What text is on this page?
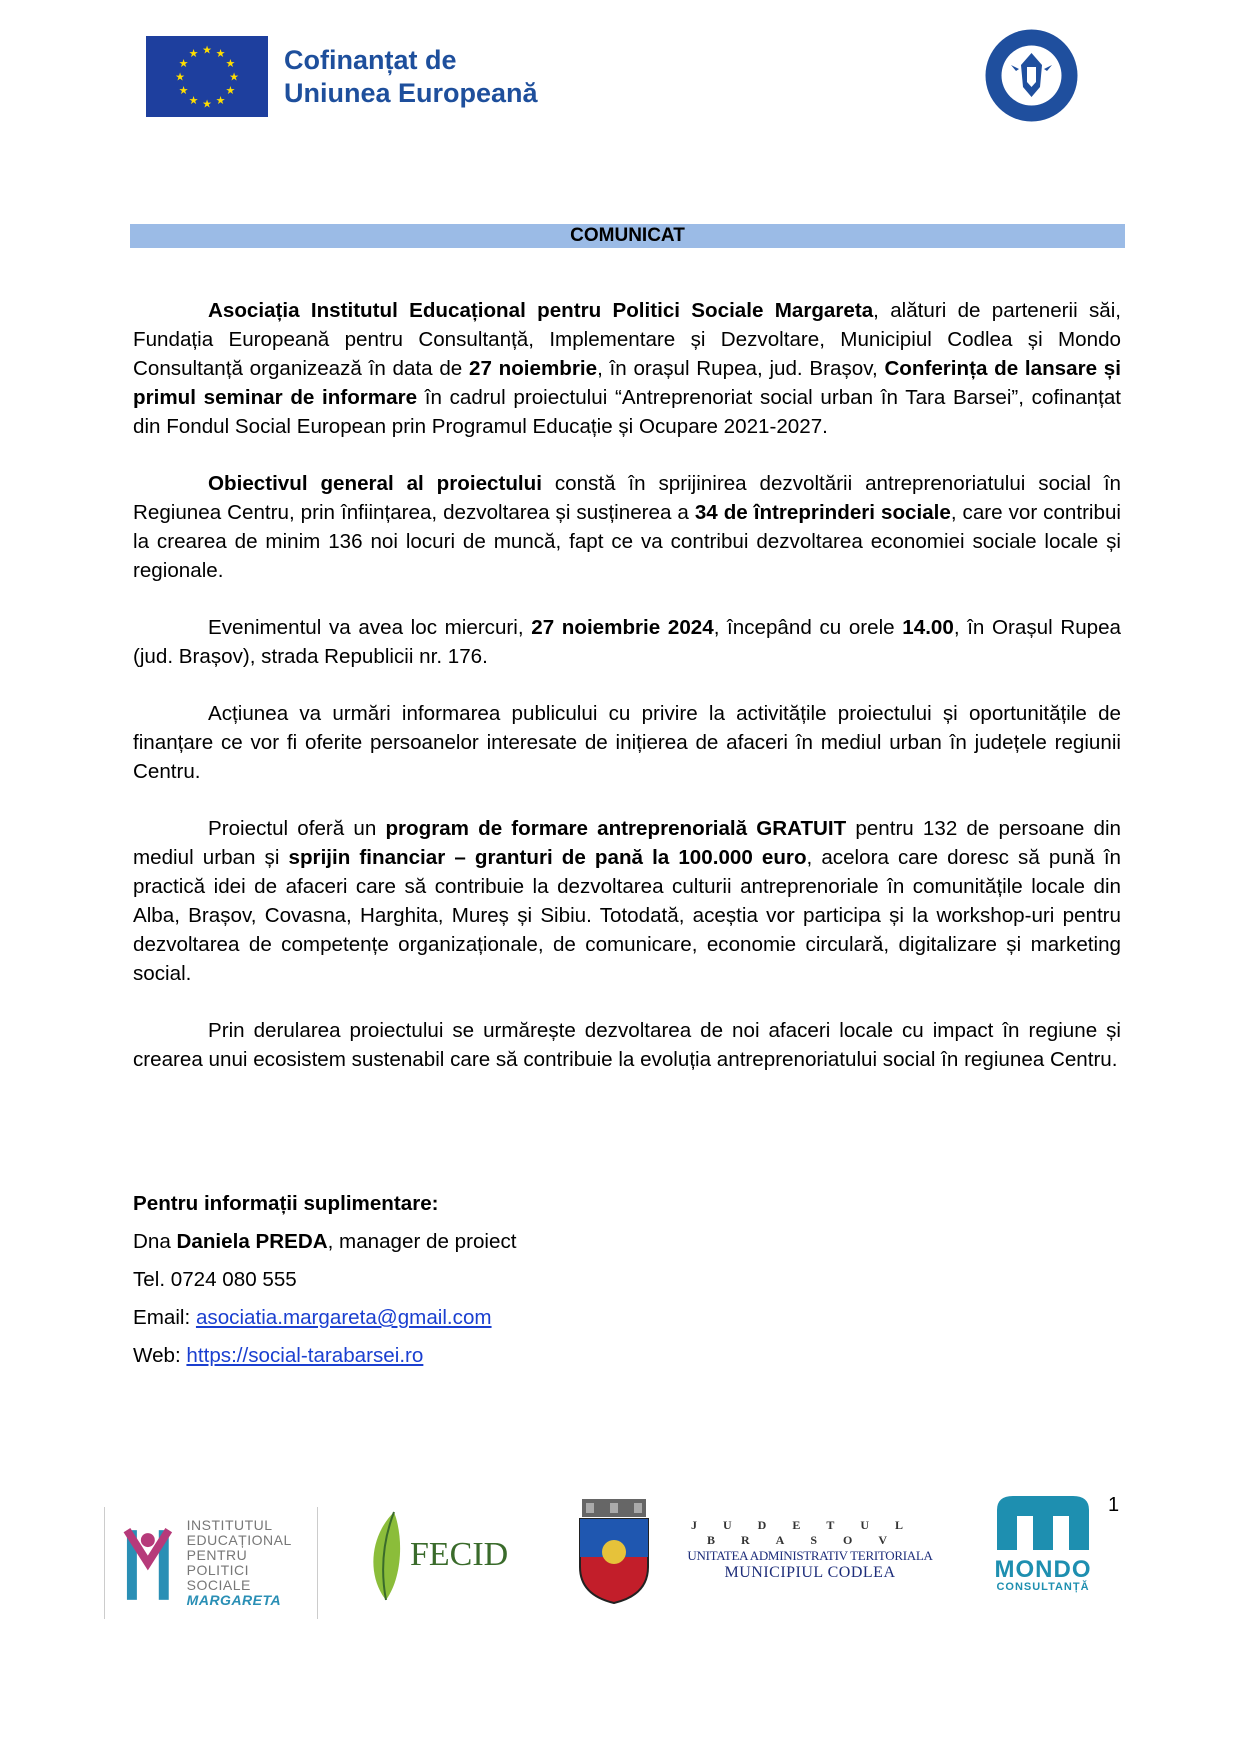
★ ★
★
★
★
★
★
★
★
★
★
★	Cofinanțat de
Uniunea Europeană
COMUNICAT

Asociația Institutul Educațional pentru Politici Sociale Margareta, alături de partenerii săi, Fundația Europeană pentru Consultanță, Implementare și Dezvoltare, Municipiul Codlea și Mondo Consultanță organizează în data de 27 noiembrie, în orașul Rupea, jud. Brașov, Conferința de lansare și primul seminar de informare în cadrul proiectului “Antreprenoriat social urban în Tara Barsei”, cofinanțat din Fondul Social European prin Programul Educație și Ocupare 2021-2027.

Obiectivul general al proiectului constă în sprijinirea dezvoltării antreprenoriatului social în Regiunea Centru, prin înființarea, dezvoltarea și susținerea a 34 de întreprinderi sociale, care vor contribui la crearea de minim 136 noi locuri de muncă, fapt ce va contribui dezvoltarea economiei sociale locale și regionale.

Evenimentul va avea loc miercuri, 27 noiembrie 2024, începând cu orele 14.00, în Orașul Rupea (jud. Brașov), strada Republicii nr. 176.

Acțiunea va urmări informarea publicului cu privire la activitățile proiectului și oportunitățile de finanțare ce vor fi oferite persoanelor interesate de inițierea de afaceri în mediul urban în județele regiunii Centru.

Proiectul oferă un program de formare antreprenorială GRATUIT pentru 132 de persoane din mediul urban și sprijin financiar – granturi de pană la 100.000 euro, acelora care doresc să pună în practică idei de afaceri care să contribuie la dezvoltarea culturii antreprenoriale în comunitățile locale din Alba, Brașov, Covasna, Harghita, Mureș și Sibiu. Totodată, aceștia vor participa și la workshop-uri pentru dezvoltarea de competențe organizaționale, de comunicare, economie circulară, digitalizare și marketing social.

Prin derularea proiectului se urmărește dezvoltarea de noi afaceri locale cu impact în regiune și crearea unui ecosistem sustenabil care să contribuie la evoluția antreprenoriatului social în regiunea Centru.

Pentru informații suplimentare:
Dna Daniela PREDA, manager de proiect
Tel. 0724 080 555
Email: asociatia.margareta@gmail.com
Web: https://social-tarabarsei.ro
1
INSTITUTUL
EDUCAȚIONAL
PENTRU
POLITICI SOCIALE
MARGARETA
FECID
JUDETUL BRASOV
UNITATEA ADMINISTRATIV TERITORIALA
MUNICIPIUL CODLEA	MONDO
CONSULTANȚĂ
